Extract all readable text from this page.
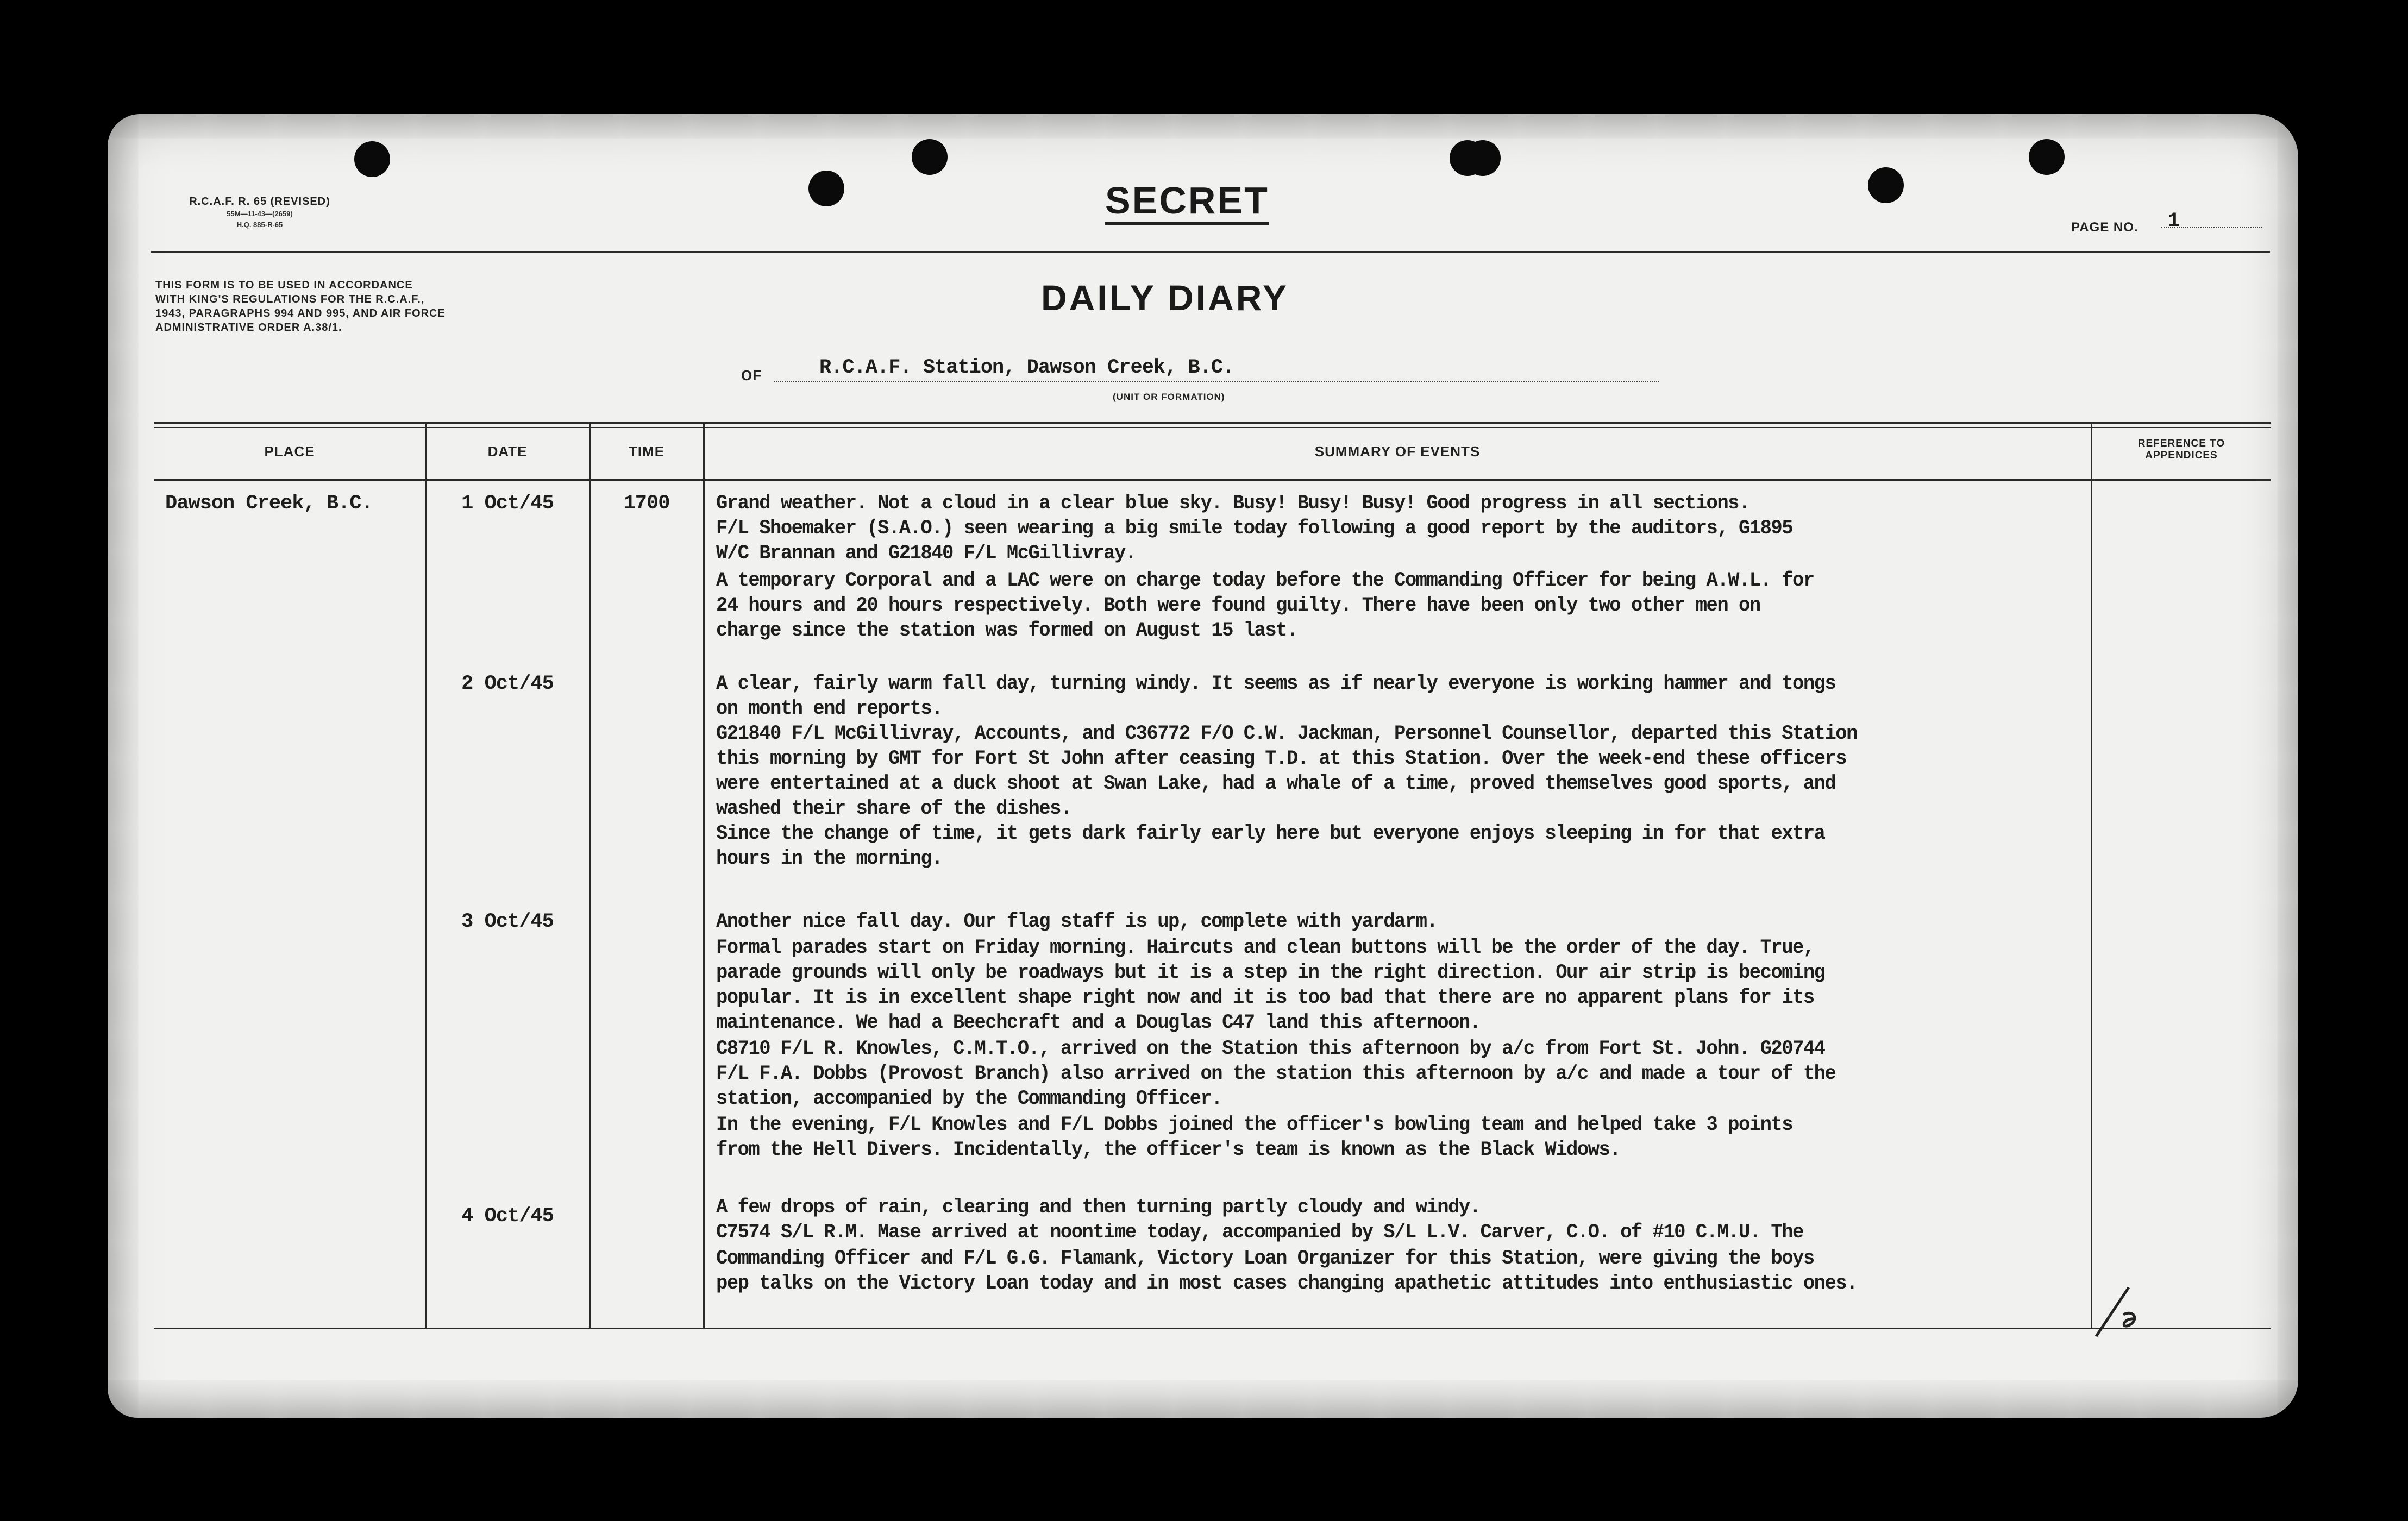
R.C.A.F. R. 65 (REVISED)
55M—11-43—(2659)
H.Q. 885-R-65
SECRET
PAGE NO. 1
THIS FORM IS TO BE USED IN ACCORDANCE
WITH KING'S REGULATIONS FOR THE R.C.A.F.,
1943, PARAGRAPHS 994 AND 995, AND AIR FORCE
ADMINISTRATIVE ORDER A.38/1.
DAILY DIARY
OF	R.C.A.F. Station, Dawson Creek, B.C.
(UNIT OR FORMATION)
PLACE	DATE	TIME	SUMMARY OF EVENTS	REFERENCE TO
APPENDICES
Dawson Creek, B.C.	1 Oct/45	1700	Grand weather. Not a cloud in a clear blue sky. Busy! Busy! Busy! Good progress in all sections.
F/L Shoemaker (S.A.O.) seen wearing a big smile today following a good report by the auditors, G1895
W/C Brannan and G21840 F/L McGillivray.
A temporary Corporal and a LAC were on charge today before the Commanding Officer for being A.W.L. for
24 hours and 20 hours respectively. Both were found guilty. There have been only two other men on
charge since the station was formed on August 15 last.
2 Oct/45	A clear, fairly warm fall day, turning windy. It seems as if nearly everyone is working hammer and tongs
on month end reports.
G21840 F/L McGillivray, Accounts, and C36772 F/O C.W. Jackman, Personnel Counsellor, departed this Station
this morning by GMT for Fort St John after ceasing T.D. at this Station. Over the week-end these officers
were entertained at a duck shoot at Swan Lake, had a whale of a time, proved themselves good sports, and
washed their share of the dishes.
Since the change of time, it gets dark fairly early here but everyone enjoys sleeping in for that extra
hours in the morning.
3 Oct/45	Another nice fall day. Our flag staff is up, complete with yardarm.
Formal parades start on Friday morning. Haircuts and clean buttons will be the order of the day. True,
parade grounds will only be roadways but it is a step in the right direction. Our air strip is becoming
popular. It is in excellent shape right now and it is too bad that there are no apparent plans for its
maintenance. We had a Beechcraft and a Douglas C47 land this afternoon.
C8710 F/L R. Knowles, C.M.T.O., arrived on the Station this afternoon by a/c from Fort St. John. G20744
F/L F.A. Dobbs (Provost Branch) also arrived on the station this afternoon by a/c and made a tour of the
station, accompanied by the Commanding Officer.
In the evening, F/L Knowles and F/L Dobbs joined the officer's bowling team and helped take 3 points
from the Hell Divers. Incidentally, the officer's team is known as the Black Widows.
4 Oct/45	A few drops of rain, clearing and then turning partly cloudy and windy.
C7574 S/L R.M. Mase arrived at noontime today, accompanied by S/L L.V. Carver, C.O. of #10 C.M.U. The
Commanding Officer and F/L G.G. Flamank, Victory Loan Organizer for this Station, were giving the boys
pep talks on the Victory Loan today and in most cases changing apathetic attitudes into enthusiastic ones.
